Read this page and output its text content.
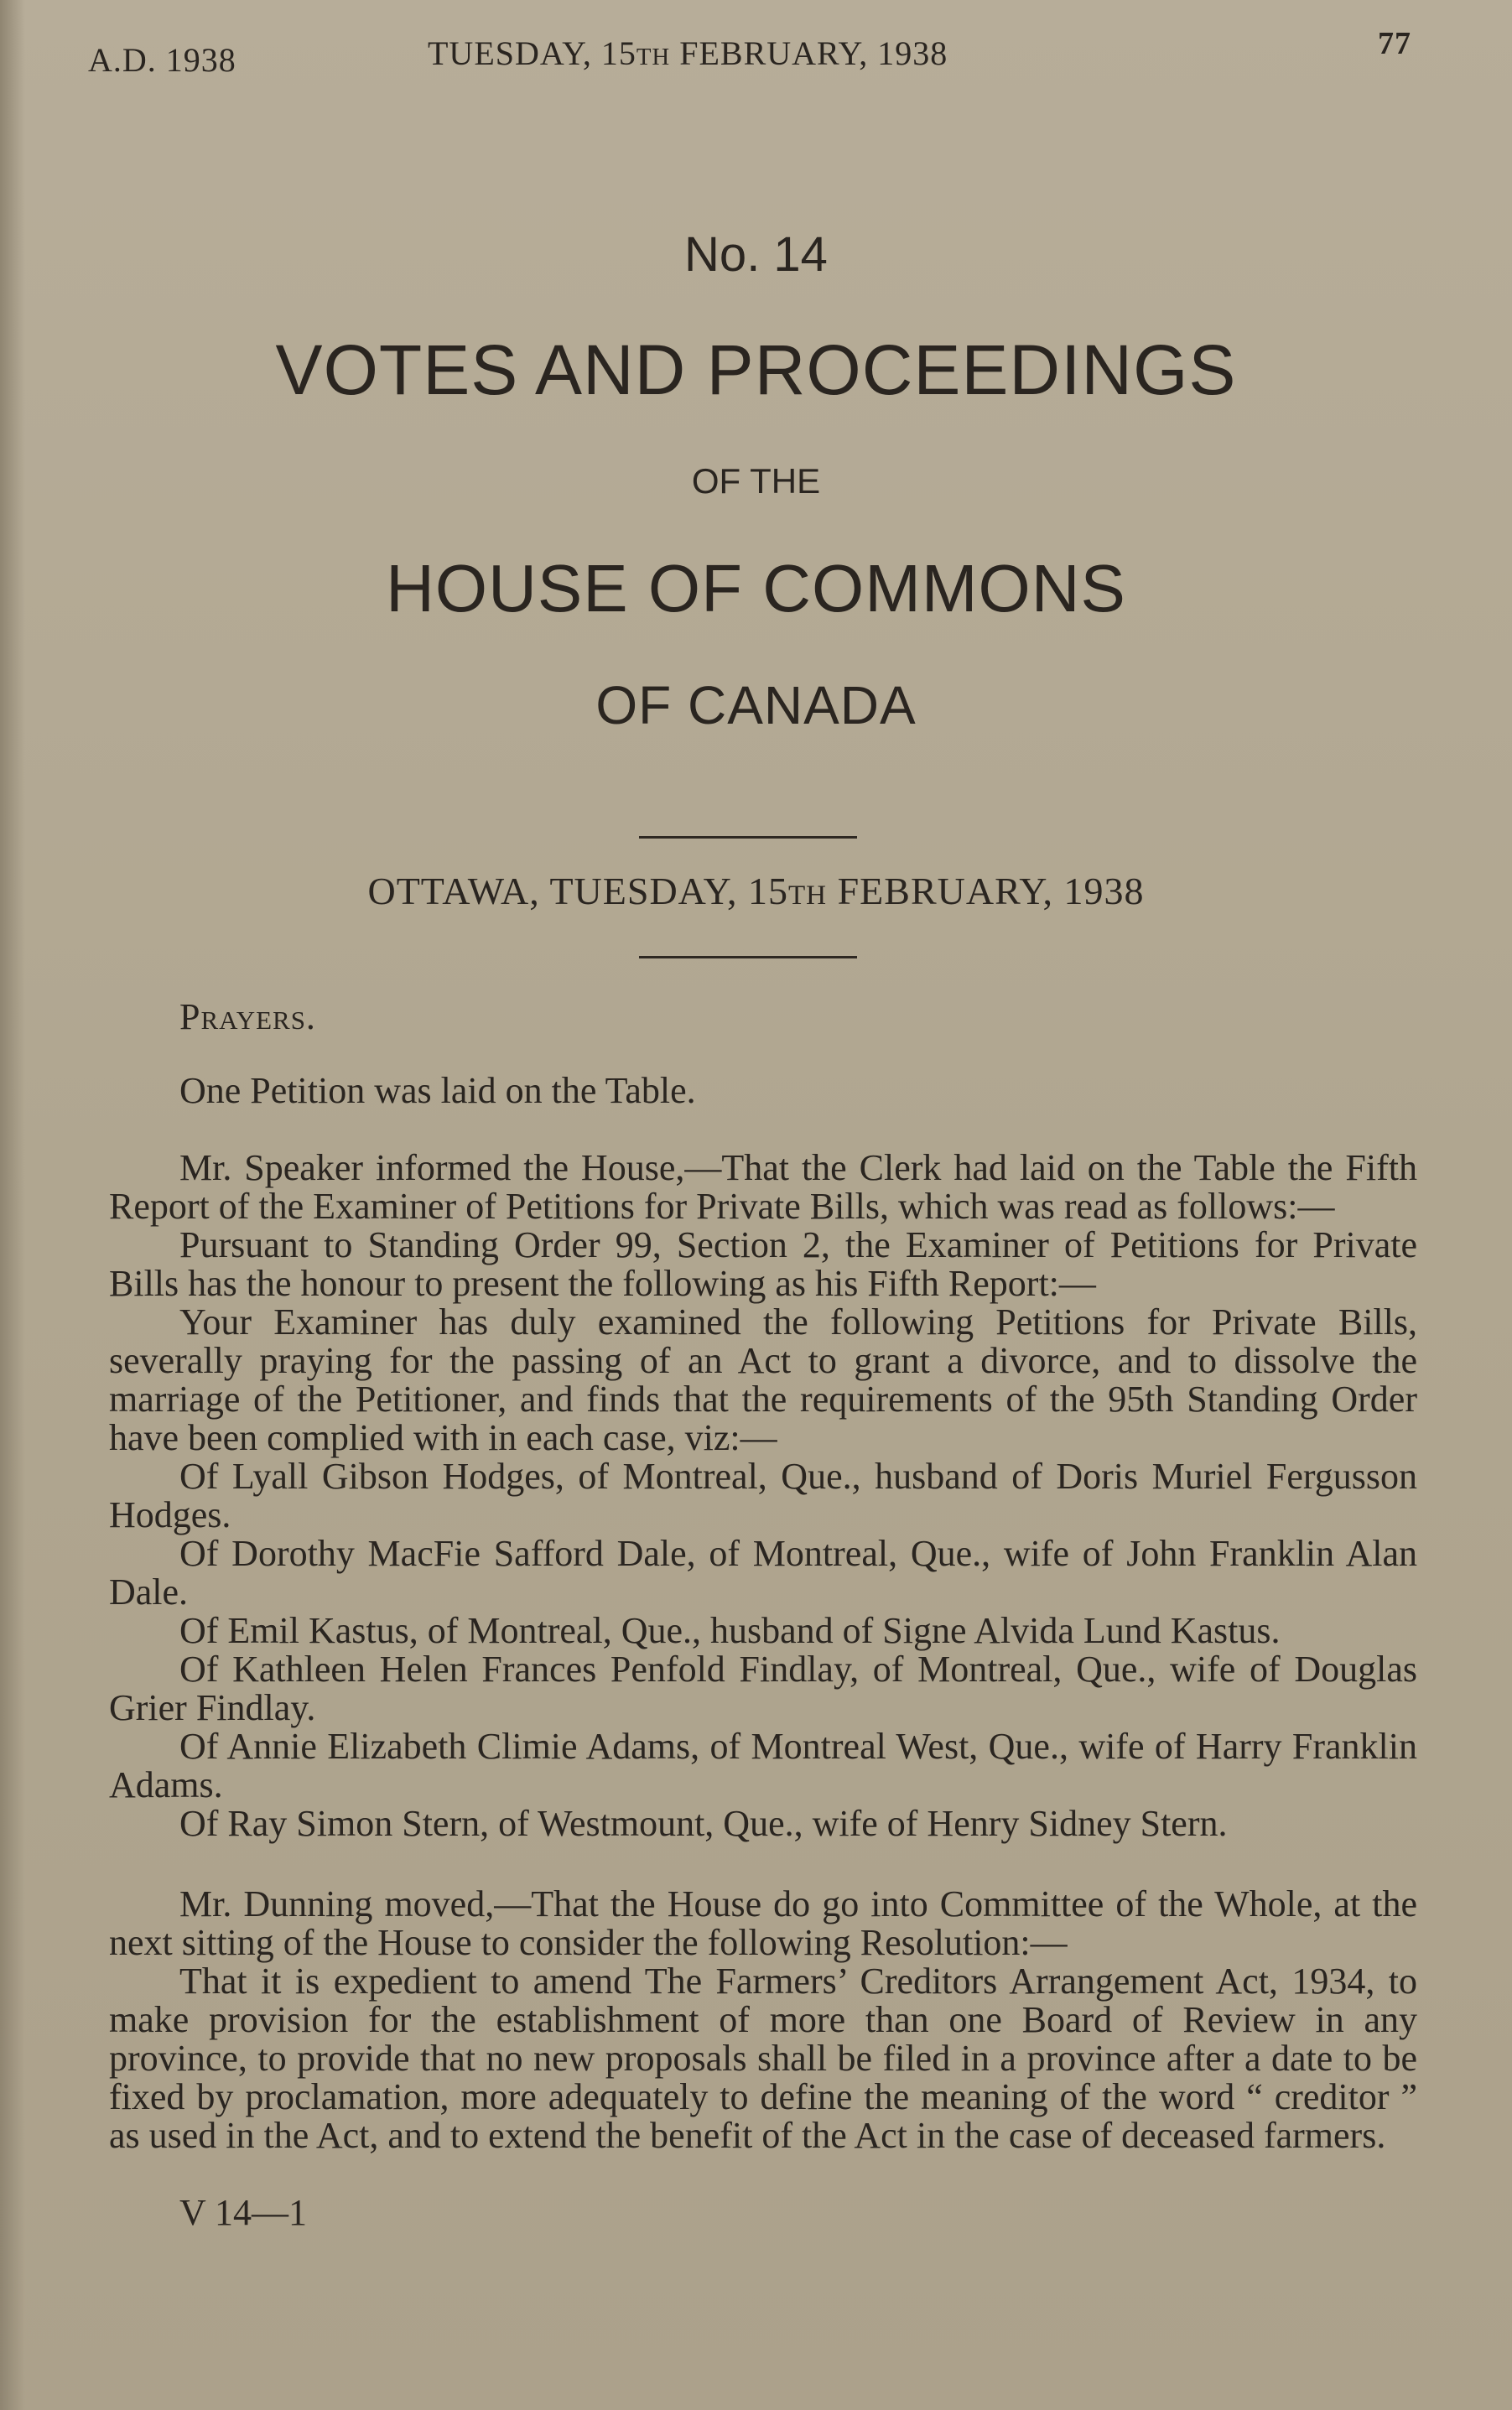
A.D. 1938	TUESDAY, 15TH FEBRUARY, 1938	77
No. 14
VOTES AND PROCEEDINGS
OF THE
HOUSE OF COMMONS
OF CANADA
OTTAWA, TUESDAY, 15TH FEBRUARY, 1938

Prayers.

One Petition was laid on the Table.

Mr. Speaker informed the House,—That the Clerk had laid on the Table the Fifth Report of the Examiner of Petitions for Private Bills, which was read as follows:—

Pursuant to Standing Order 99, Section 2, the Examiner of Petitions for Private Bills has the honour to present the following as his Fifth Report:—

Your Examiner has duly examined the following Petitions for Private Bills, severally praying for the passing of an Act to grant a divorce, and to dissolve the marriage of the Petitioner, and finds that the requirements of the 95th Standing Order have been complied with in each case, viz:—

Of Lyall Gibson Hodges, of Montreal, Que., husband of Doris Muriel Fergusson Hodges.

Of Dorothy MacFie Safford Dale, of Montreal, Que., wife of John Franklin Alan Dale.

Of Emil Kastus, of Montreal, Que., husband of Signe Alvida Lund Kastus.

Of Kathleen Helen Frances Penfold Findlay, of Montreal, Que., wife of Douglas Grier Findlay.

Of Annie Elizabeth Climie Adams, of Montreal West, Que., wife of Harry Franklin Adams.

Of Ray Simon Stern, of Westmount, Que., wife of Henry Sidney Stern.

Mr. Dunning moved,—That the House do go into Committee of the Whole, at the next sitting of the House to consider the following Resolution:—

That it is expedient to amend The Farmers’ Creditors Arrangement Act, 1934, to make provision for the establishment of more than one Board of Review in any province, to provide that no new proposals shall be filed in a province after a date to be fixed by proclamation, more adequately to define the meaning of the word “ creditor ” as used in the Act, and to extend the benefit of the Act in the case of deceased farmers.

V 14—1
